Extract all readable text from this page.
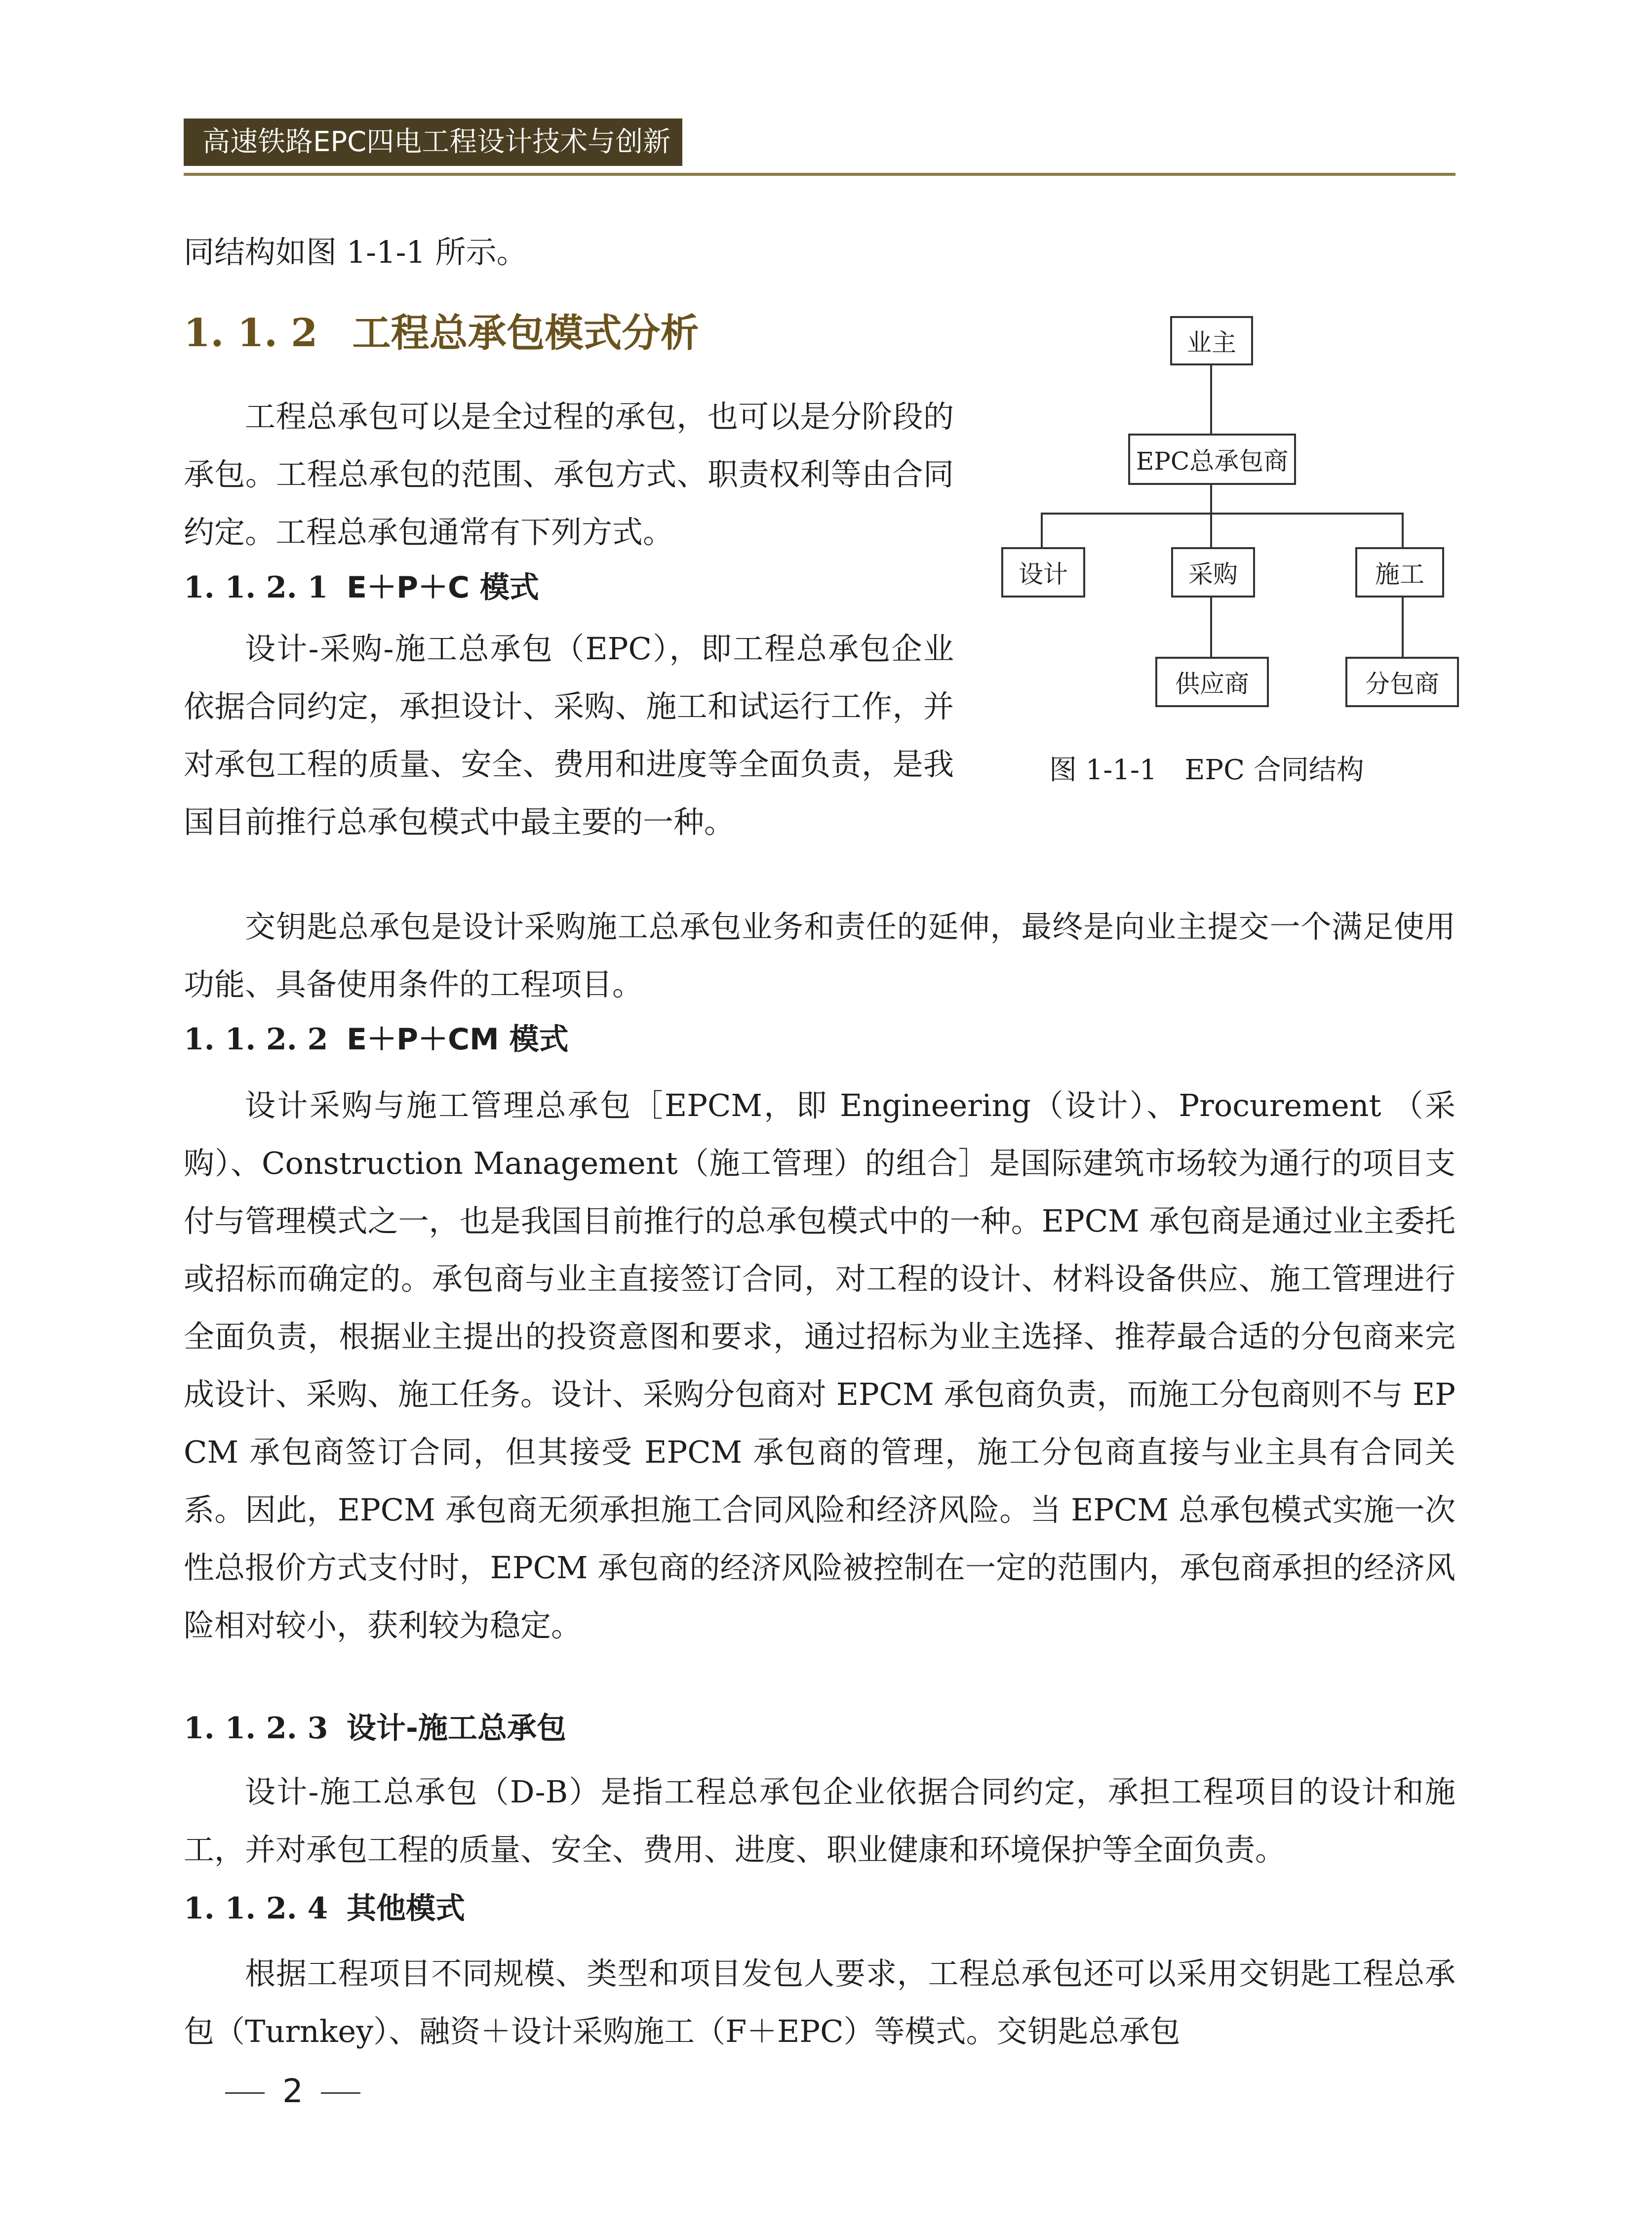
高速铁路EPC四电工程设计技术与创新

同结构如图 1-1-1 所示。

1. 1. 2 工程总承包模式分析

工程总承包可以是全过程的承包，也可以是分阶段的承包。工程总承包的范围、承包方式、职责权利等由合同约定。工程总承包通常有下列方式。

1. 1. 2. 1 E＋P＋C 模式

设计-采购-施工总承包（EPC），即工程总承包企业依据合同约定，承担设计、采购、施工和试运行工作，并对承包工程的质量、安全、费用和进度等全面负责，是我国目前推行总承包模式中最主要的一种。

交钥匙总承包是设计采购施工总承包业务和责任的延伸，最终是向业主提交一个满足使用功能、具备使用条件的工程项目。

1. 1. 2. 2 E＋P＋CM 模式

设计采购与施工管理总承包［EPCM，即 Engineering（设计）、Procurement （采购）、Construction Management（施工管理）的组合］是国际建筑市场较为通行的项目支付与管理模式之一，也是我国目前推行的总承包模式中的一种。EPCM 承包商是通过业主委托或招标而确定的。承包商与业主直接签订合同，对工程的设计、材料设备供应、施工管理进行全面负责，根据业主提出的投资意图和要求，通过招标为业主选择、推荐最合适的分包商来完成设计、采购、施工任务。设计、采购分包商对 EPCM 承包商负责，而施工分包商则不与 EPCM 承包商签订合同，但其接受 EPCM 承包商的管理，施工分包商直接与业主具有合同关系。因此，EPCM 承包商无须承担施工合同风险和经济风险。当 EPCM 总承包模式实施一次性总报价方式支付时，EPCM 承包商的经济风险被控制在一定的范围内，承包商承担的经济风险相对较小，获利较为稳定。

1. 1. 2. 3 设计-施工总承包

设计-施工总承包（D-B）是指工程总承包企业依据合同约定，承担工程项目的设计和施工，并对承包工程的质量、安全、费用、进度、职业健康和环境保护等全面负责。

1. 1. 2. 4 其他模式

根据工程项目不同规模、类型和项目发包人要求，工程总承包还可以采用交钥匙工程总承包（Turnkey）、融资＋设计采购施工（F＋EPC）等模式。交钥匙总承包

业主
EPC总承包商
设计	采购	施工
供应商	分包商
图 1-1-1　EPC 合同结构
2
